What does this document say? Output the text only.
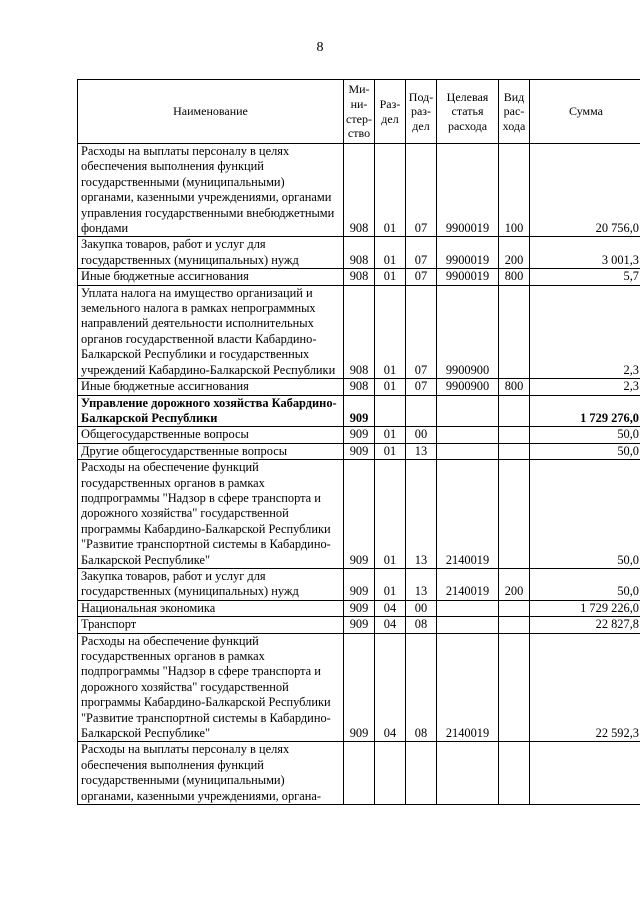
8
Наименование	Ми-
ни-
стер-
ство	Раз-
дел	Под-
раз-
дел	Целевая
статья
расхода	Вид
рас-
хода	Сумма
Расходы на выплаты персоналу в целях обеспечения выполнения функций государственными (муниципальными) органами, казенными учреждениями, органами управления государственными внебюджетными фондами	908	01	07	9900019	100	20 756,0
Закупка товаров, работ и услуг для государственных (муниципальных) нужд	908	01	07	9900019	200	3 001,3
Иные бюджетные ассигнования	908	01	07	9900019	800	5,7
Уплата налога на имущество организаций и земельного налога в рамках непрограммных направлений деятельности исполнительных органов государственной власти Кабардино-Балкарской Республики и государственных учреждений Кабардино-Балкарской Республики	908	01	07	9900900		2,3
Иные бюджетные ассигнования	908	01	07	9900900	800	2,3
Управление дорожного хозяйства Кабардино-Балкарской Республики	909					1 729 276,0
Общегосударственные вопросы	909	01	00			50,0
Другие общегосударственные вопросы	909	01	13			50,0
Расходы на обеспечение функций государственных органов в рамках подпрограммы "Надзор в сфере транспорта и дорожного хозяйства" государственной программы Кабардино-Балкарской Республики "Развитие транспортной системы в Кабардино-Балкарской Республике"	909	01	13	2140019		50,0
Закупка товаров, работ и услуг для государственных (муниципальных) нужд	909	01	13	2140019	200	50,0
Национальная экономика	909	04	00			1 729 226,0
Транспорт	909	04	08			22 827,8
Расходы на обеспечение функций государственных органов в рамках подпрограммы "Надзор в сфере транспорта и дорожного хозяйства" государственной программы Кабардино-Балкарской Республики "Развитие транспортной системы в Кабардино-Балкарской Республике"	909	04	08	2140019		22 592,3
Расходы на выплаты персоналу в целях обеспечения выполнения функций государственными (муниципальными) органами, казенными учреждениями, органа-						
